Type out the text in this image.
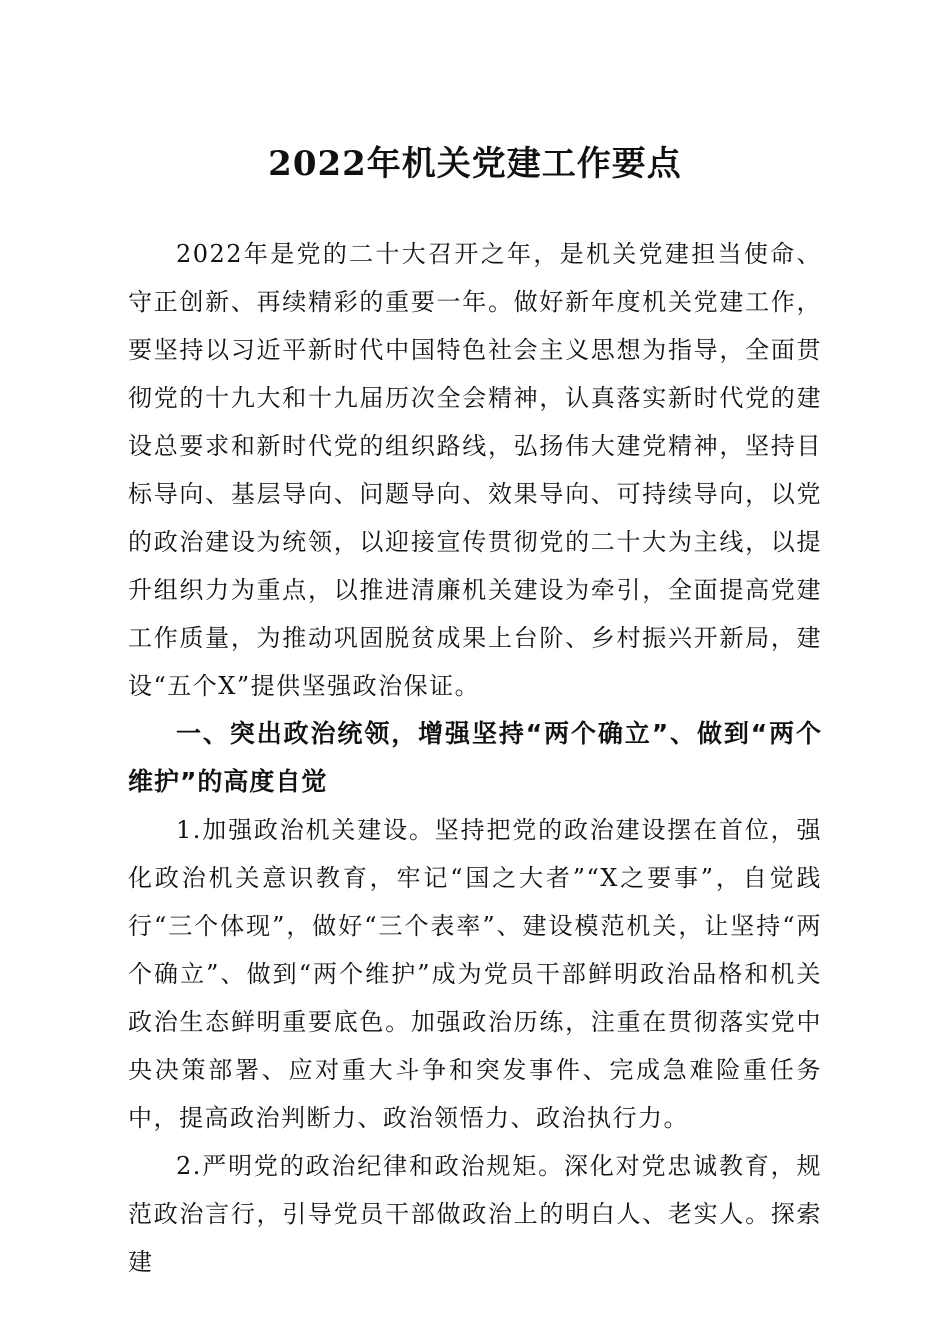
2022年机关党建工作要点

2022年是党的二十大召开之年，是机关党建担当使命、守正创新、再续精彩的重要一年。做好新年度机关党建工作，要坚持以习近平新时代中国特色社会主义思想为指导，全面贯彻党的十九大和十九届历次全会精神，认真落实新时代党的建设总要求和新时代党的组织路线，弘扬伟大建党精神，坚持目标导向、基层导向、问题导向、效果导向、可持续导向，以党的政治建设为统领，以迎接宣传贯彻党的二十大为主线，以提升组织力为重点，以推进清廉机关建设为牵引，全面提高党建工作质量，为推动巩固脱贫成果上台阶、乡村振兴开新局，建设“五个X”提供坚强政治保证。

一、突出政治统领，增强坚持“两个确立”、做到“两个维护”的高度自觉

1.加强政治机关建设。坚持把党的政治建设摆在首位，强化政治机关意识教育，牢记“国之大者”“X之要事”，自觉践行“三个体现”，做好“三个表率”、建设模范机关，让坚持“两个确立”、做到“两个维护”成为党员干部鲜明政治品格和机关政治生态鲜明重要底色。加强政治历练，注重在贯彻落实党中央决策部署、应对重大斗争和突发事件、完成急难险重任务中，提高政治判断力、政治领悟力、政治执行力。

2.严明党的政治纪律和政治规矩。深化对党忠诚教育，规范政治言行，引导党员干部做政治上的明白人、老实人。探索建
